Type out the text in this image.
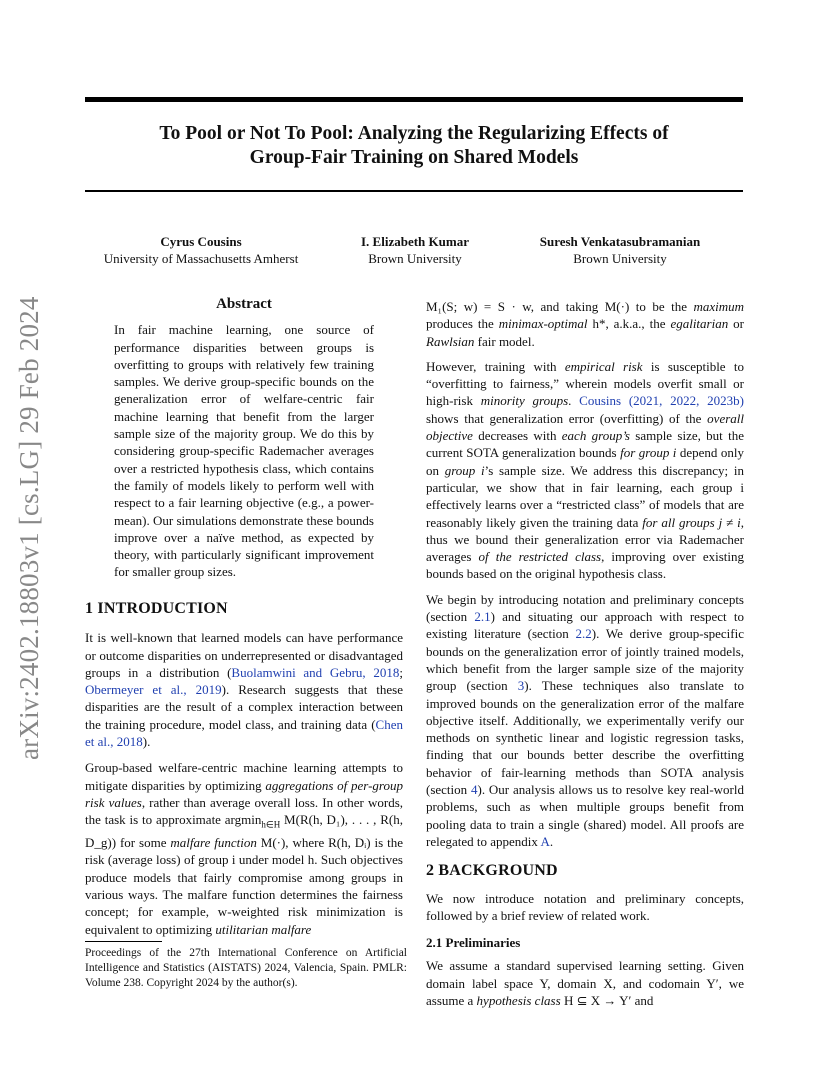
To Pool or Not To Pool: Analyzing the Regularizing Effects of
Group-Fair Training on Shared Models
Cyrus Cousins
University of Massachusetts Amherst
I. Elizabeth Kumar
Brown University
Suresh Venkatasubramanian
Brown University
arXiv:2402.18803v1 [cs.LG] 29 Feb 2024	Abstract

In fair machine learning, one source of performance disparities between groups is overfitting to groups with relatively few training samples. We derive group-specific bounds on the generalization error of welfare-centric fair machine learning that benefit from the larger sample size of the majority group. We do this by considering group-specific Rademacher averages over a restricted hypothesis class, which contains the family of models likely to perform well with respect to a fair learning objective (e.g., a power-mean). Our simulations demonstrate these bounds improve over a naïve method, as expected by theory, with particularly significant improvement for smaller group sizes.

1 INTRODUCTION

It is well-known that learned models can have performance or outcome disparities on underrepresented or disadvantaged groups in a distribution (Buolamwini and Gebru, 2018; Obermeyer et al., 2019). Research suggests that these disparities are the result of a complex interaction between the training procedure, model class, and training data (Chen et al., 2018).

Group-based welfare-centric machine learning attempts to mitigate disparities by optimizing aggregations of per-group risk values, rather than average overall loss. In other words, the task is to approximate argmin$_{h\in H}$ M(R(h, D₁), . . . , R(h, D_g)) for some malfare function M(·), where R(h, Dᵢ) is the risk (average loss) of group i under model h. Such objectives produce models that fairly compromise among groups in various ways. The malfare function determines the fairness concept; for example, w-weighted risk minimization is equivalent to optimizing utilitarian malfare

Proceedings of the 27th International Conference on Artificial Intelligence and Statistics (AISTATS) 2024, Valencia, Spain. PMLR: Volume 238. Copyright 2024 by the author(s).

M₁(S; w) = S · w, and taking M(·) to be the maximum produces the minimax-optimal h*, a.k.a., the egalitarian or Rawlsian fair model.

However, training with empirical risk is susceptible to “overfitting to fairness,” wherein models overfit small or high-risk minority groups. Cousins (2021, 2022, 2023b) shows that generalization error (overfitting) of the overall objective decreases with each group’s sample size, but the current SOTA generalization bounds for group i depend only on group i’s sample size. We address this discrepancy; in particular, we show that in fair learning, each group i effectively learns over a “restricted class” of models that are reasonably likely given the training data for all groups j ≠ i, thus we bound their generalization error via Rademacher averages of the restricted class, improving over existing bounds based on the original hypothesis class.

We begin by introducing notation and preliminary concepts (section 2.1) and situating our approach with respect to existing literature (section 2.2). We derive group-specific bounds on the generalization error of jointly trained models, which benefit from the larger sample size of the majority group (section 3). These techniques also translate to improved bounds on the generalization error of the malfare objective itself. Additionally, we experimentally verify our methods on synthetic linear and logistic regression tasks, finding that our bounds better describe the overfitting behavior of fair-learning methods than SOTA analysis (section 4). Our analysis allows us to resolve key real-world problems, such as when multiple groups benefit from pooling data to train a single (shared) model. All proofs are relegated to appendix A.

2 BACKGROUND

We now introduce notation and preliminary concepts, followed by a brief review of related work.

2.1 Preliminaries

We assume a standard supervised learning setting. Given domain label space Y, domain X, and codomain Y′, we assume a hypothesis class H ⊆ X → Y′ and
